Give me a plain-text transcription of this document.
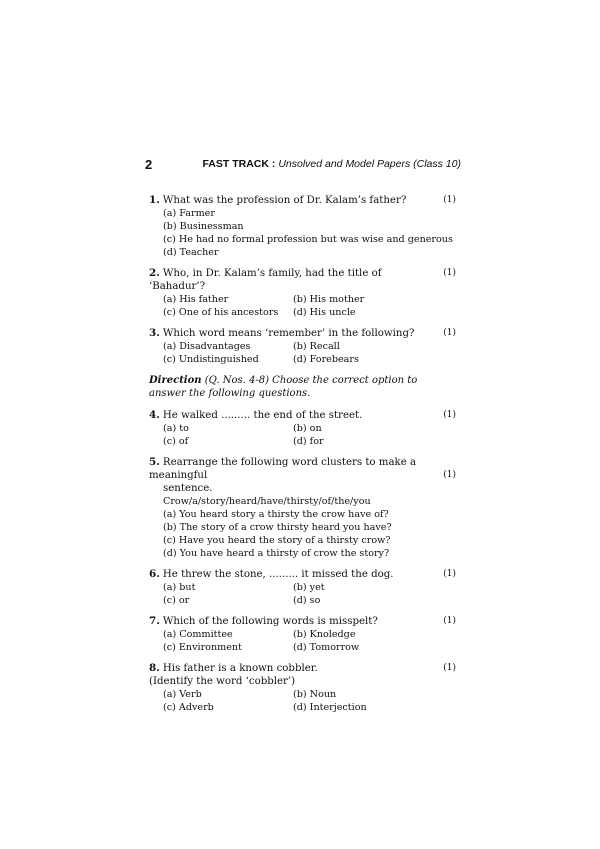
2	FAST TRACK : Unsolved and Model Papers (Class 10)
1. What was the profession of Dr. Kalam’s father?	(1)
(a) Farmer
(b) Businessman
(c) He had no formal profession but was wise and generous
(d) Teacher
2. Who, in Dr. Kalam’s family, had the title of ‘Bahadur’?
(1)
(a) His father	(b) His mother
(c) One of his ancestors	(d) His uncle
3. Which word means ‘remember’ in the following?	(1)
(a) Disadvantages	(b) Recall
(c) Undistinguished	(d) Forebears
Direction (Q. Nos. 4-8) Choose the correct option to answer the following questions.
4. He walked ......... the end of the street.	(1)
(a) to	(b) on
(c) of	(d) for
5. Rearrange the following word clusters to make a meaningful
sentence.
(1)
Crow/a/story/heard/have/thirsty/of/the/you
(a) You heard story a thirsty the crow have of?
(b) The story of a crow thirsty heard you have?
(c) Have you heard the story of a thirsty crow?
(d) You have heard a thirsty of crow the story?
6. He threw the stone, ......... it missed the dog.	(1)
(a) but	(b) yet
(c) or	(d) so
7. Which of the following words is misspelt?	(1)
(a) Committee	(b) Knoledge
(c) Environment	(d) Tomorrow
8. His father is a known cobbler.
(Identify the word ‘cobbler’)
(1)
(a) Verb	(b) Noun
(c) Adverb	(d) Interjection
